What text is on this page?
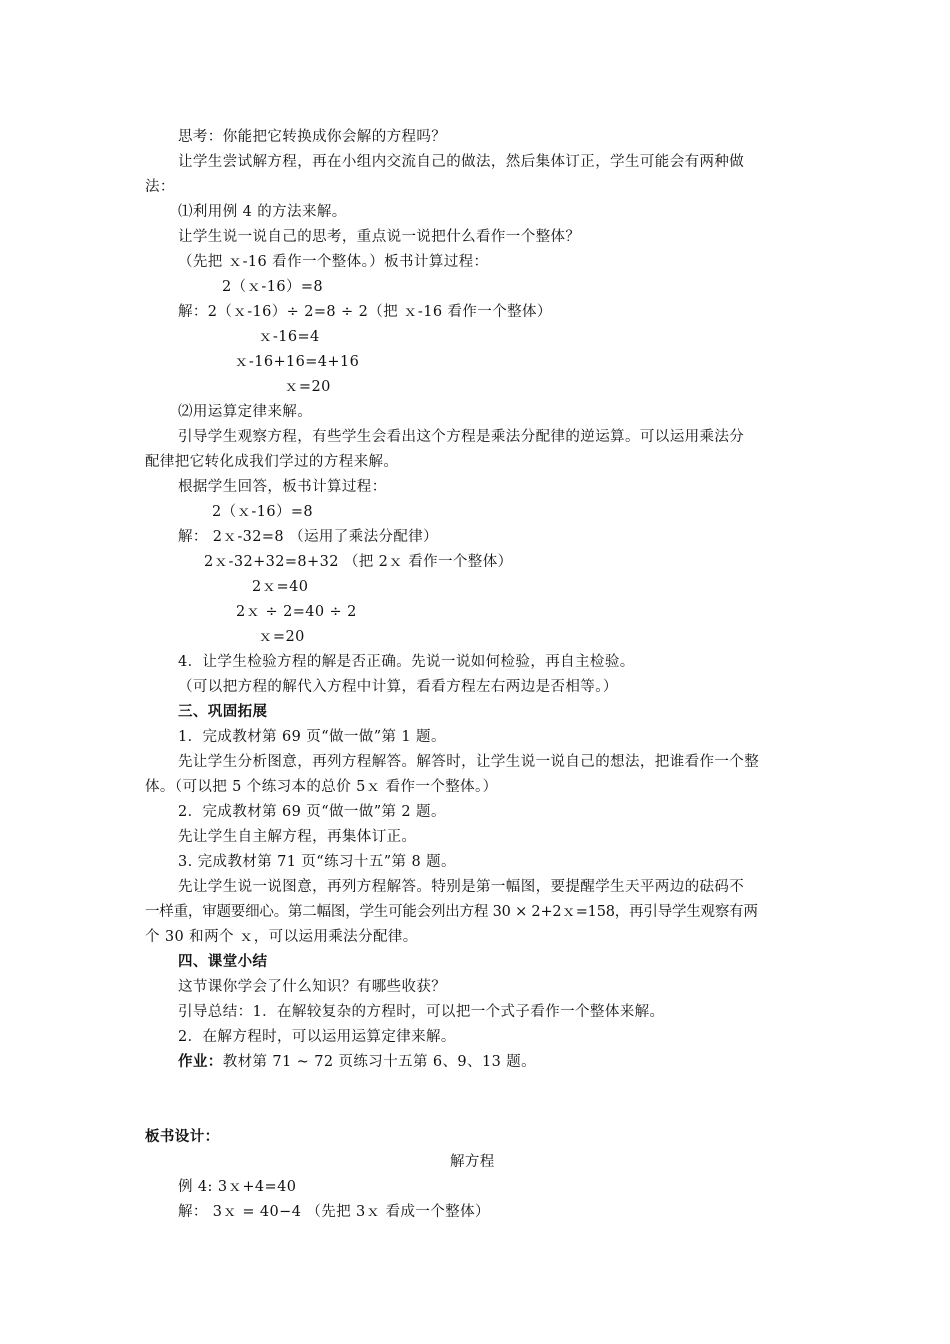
思考：你能把它转换成你会解的方程吗？
让学生尝试解方程，再在小组内交流自己的做法，然后集体订正，学生可能会有两种做
法：
⑴利用例 4 的方法来解。
让学生说一说自己的思考，重点说一说把什么看作一个整体？
（先把 ｘ-16 看作一个整体。）板书计算过程：
2（ｘ-16）=8
解：2（ｘ-16）÷ 2=8 ÷ 2（把 ｘ-16 看作一个整体）
ｘ-16=4
ｘ-16+16=4+16
ｘ=20
⑵用运算定律来解。
引导学生观察方程，有些学生会看出这个方程是乘法分配律的逆运算。可以运用乘法分
配律把它转化成我们学过的方程来解。
根据学生回答，板书计算过程：
2（ｘ-16）=8
解： 2ｘ-32=8 （运用了乘法分配律）
2ｘ-32+32=8+32 （把 2ｘ 看作一个整体）
2ｘ=40
2ｘ ÷ 2=40 ÷ 2
ｘ=20
4．让学生检验方程的解是否正确。先说一说如何检验，再自主检验。
（可以把方程的解代入方程中计算，看看方程左右两边是否相等。）
三、巩固拓展
1．完成教材第 69 页“做一做”第 1 题。
先让学生分析图意，再列方程解答。解答时，让学生说一说自己的想法，把谁看作一个整
体。（可以把 5 个练习本的总价 5ｘ 看作一个整体。）
2．完成教材第 69 页“做一做”第 2 题。
先让学生自主解方程，再集体订正。
3. 完成教材第 71 页“练习十五”第 8 题。
先让学生说一说图意，再列方程解答。特别是第一幅图，要提醒学生天平两边的砝码不
一样重，审题要细心。第二幅图，学生可能会列出方程 30 × 2+2ｘ=158，再引导学生观察有两
个 30 和两个 ｘ，可以运用乘法分配律。
四、课堂小结
这节课你学会了什么知识？有哪些收获？
引导总结：1．在解较复杂的方程时，可以把一个式子看作一个整体来解。
2．在解方程时，可以运用运算定律来解。
作业：教材第 71 ~ 72 页练习十五第 6、9、13 题。
板书设计：
解方程
例 4: 3ｘ+4=40
解： 3ｘ = 40−4 （先把 3ｘ 看成一个整体）
